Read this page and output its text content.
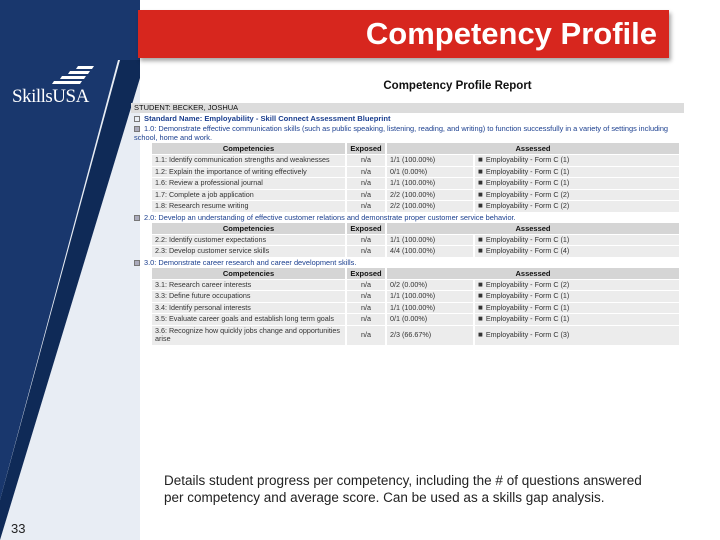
SkillsUSA
Competency Profile
Competency Profile Report
STUDENT: BECKER, JOSHUA
Standard Name: Employability - Skill Connect Assessment Blueprint
1.0: Demonstrate effective communication skills (such as public speaking, listening, reading, and writing) to function successfully in a variety of settings including school, home and work.
Competencies	Exposed	Assessed	
1.1: Identify communication strengths and weaknesses	n/a	1/1 (100.00%)	■ Employability - Form C (1)
1.2: Explain the importance of writing effectively	n/a	0/1 (0.00%)	■ Employability - Form C (1)
1.6: Review a professional journal	n/a	1/1 (100.00%)	■ Employability - Form C (1)
1.7: Complete a job application	n/a	2/2 (100.00%)	■ Employability - Form C (2)
1.8: Research resume writing	n/a	2/2 (100.00%)	■ Employability - Form C (2)
2.0: Develop an understanding of effective customer relations and demonstrate proper customer service behavior.
Competencies	Exposed	Assessed	
2.2: Identify customer expectations	n/a	1/1 (100.00%)	■ Employability - Form C (1)
2.3: Develop customer service skills	n/a	4/4 (100.00%)	■ Employability - Form C (4)
3.0: Demonstrate career research and career development skills.
Competencies	Exposed	Assessed	
3.1: Research career interests	n/a	0/2 (0.00%)	■ Employability - Form C (2)
3.3: Define future occupations	n/a	1/1 (100.00%)	■ Employability - Form C (1)
3.4: Identify personal interests	n/a	1/1 (100.00%)	■ Employability - Form C (1)
3.5: Evaluate career goals and establish long term goals	n/a	0/1 (0.00%)	■ Employability - Form C (1)
3.6: Recognize how quickly jobs change and opportunities arise	n/a	2/3 (66.67%)	■ Employability - Form C (3)
33
Details student progress per competency, including the # of questions answered per competency and average score. Can be used as a skills gap analysis.
